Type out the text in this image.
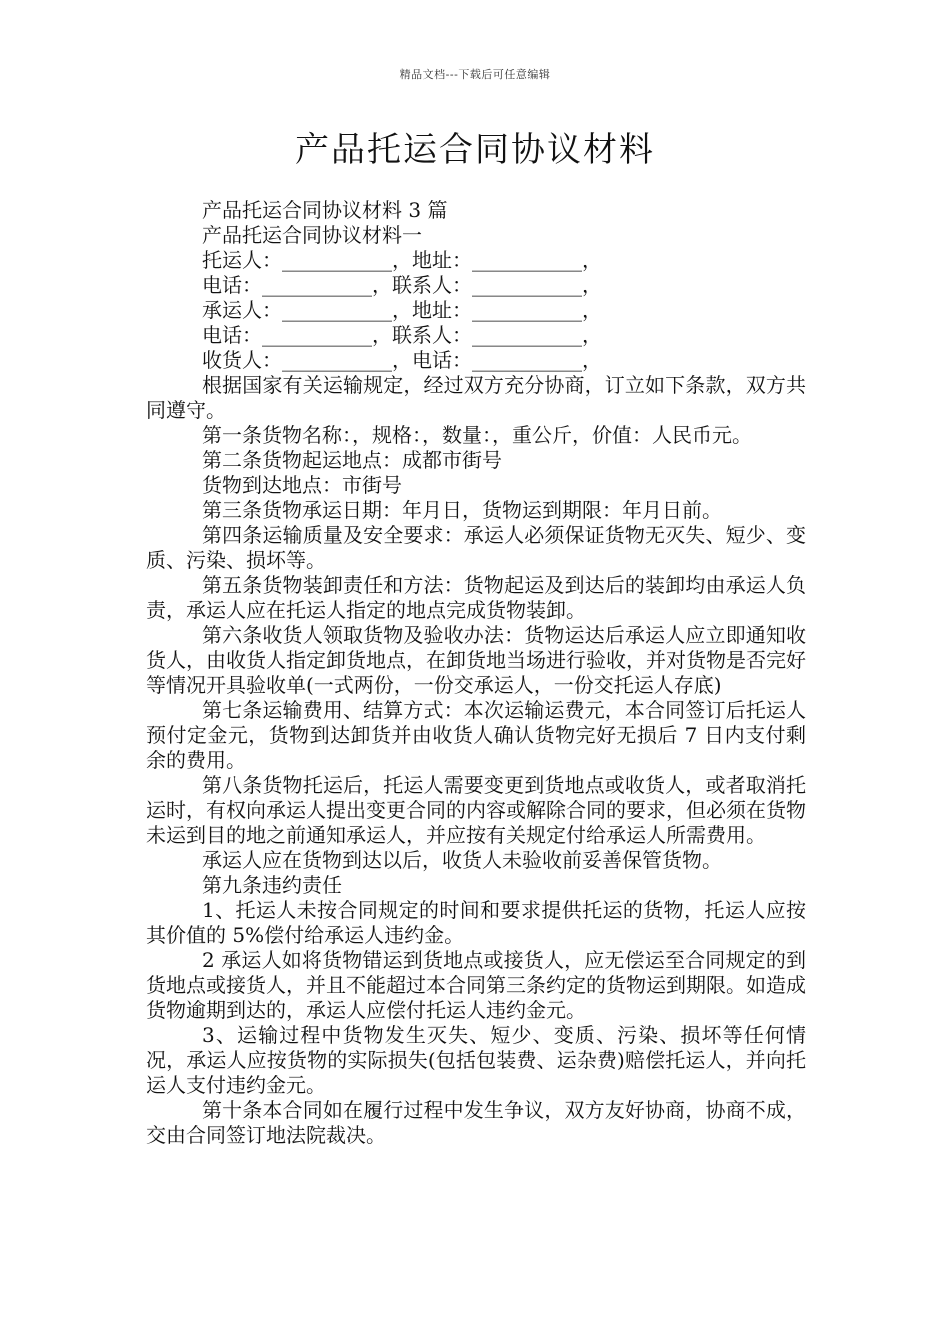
精品文档---下载后可任意编辑
产品托运合同协议材料
产品托运合同协议材料 3 篇
产品托运合同协议材料一
托运人：___________，地址：___________，
电话：___________，联系人：___________，
承运人：___________，地址：___________，
电话：___________，联系人：___________，
收货人：___________，电话：___________，

根据国家有关运输规定，经过双方充分协商，订立如下条款，双方共同遵守。

第一条货物名称：，规格：，数量：，重公斤，价值：人民币元。

第二条货物起运地点：成都市街号

货物到达地点：市街号

第三条货物承运日期：年月日，货物运到期限：年月日前。

第四条运输质量及安全要求：承运人必须保证货物无灭失、短少、变质、污染、损坏等。

第五条货物装卸责任和方法：货物起运及到达后的装卸均由承运人负责，承运人应在托运人指定的地点完成货物装卸。

第六条收货人领取货物及验收办法：货物运达后承运人应立即通知收货人，由收货人指定卸货地点，在卸货地当场进行验收，并对货物是否完好等情况开具验收单(一式两份，一份交承运人，一份交托运人存底)

第七条运输费用、结算方式：本次运输运费元，本合同签订后托运人预付定金元，货物到达卸货并由收货人确认货物完好无损后 7 日内支付剩余的费用。

第八条货物托运后，托运人需要变更到货地点或收货人，或者取消托运时，有权向承运人提出变更合同的内容或解除合同的要求，但必须在货物未运到目的地之前通知承运人，并应按有关规定付给承运人所需费用。

承运人应在货物到达以后，收货人未验收前妥善保管货物。

第九条违约责任

1、托运人未按合同规定的时间和要求提供托运的货物，托运人应按其价值的 5%偿付给承运人违约金。

2 承运人如将货物错运到货地点或接货人，应无偿运至合同规定的到货地点或接货人，并且不能超过本合同第三条约定的货物运到期限。如造成货物逾期到达的，承运人应偿付托运人违约金元。

3、运输过程中货物发生灭失、短少、变质、污染、损坏等任何情况，承运人应按货物的实际损失(包括包装费、运杂费)赔偿托运人，并向托运人支付违约金元。

第十条本合同如在履行过程中发生争议，双方友好协商，协商不成，交由合同签订地法院裁决。
